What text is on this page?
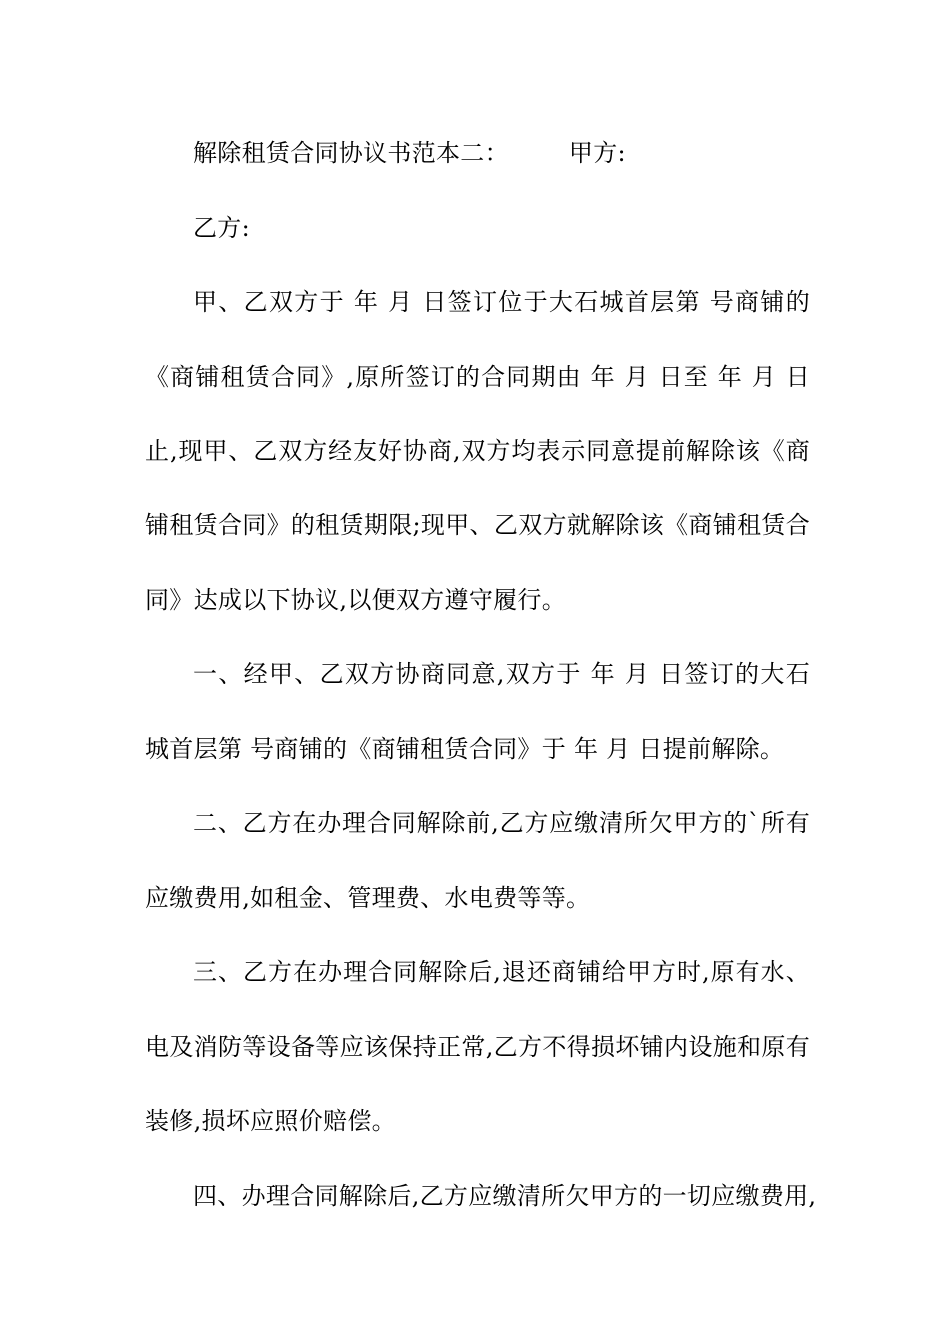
解除租赁合同协议书范本二：	甲方:
乙方:
甲、乙双方于 年 月 日签订位于大石城首层第 号商铺的
《商铺租赁合同》,原所签订的合同期由 年 月 日至 年 月 日
止,现甲、乙双方经友好协商,双方均表示同意提前解除该《商
铺租赁合同》的租赁期限;现甲、乙双方就解除该《商铺租赁合
同》达成以下协议,以便双方遵守履行。
一、经甲、乙双方协商同意,双方于 年 月 日签订的大石
城首层第 号商铺的《商铺租赁合同》于 年 月 日提前解除。
二、乙方在办理合同解除前,乙方应缴清所欠甲方的`所有
应缴费用,如租金、管理费、水电费等等。
三、乙方在办理合同解除后,退还商铺给甲方时,原有水、
电及消防等设备等应该保持正常,乙方不得损坏铺内设施和原有
装修,损坏应照价赔偿。
四、办理合同解除后,乙方应缴清所欠甲方的一切应缴费用,
